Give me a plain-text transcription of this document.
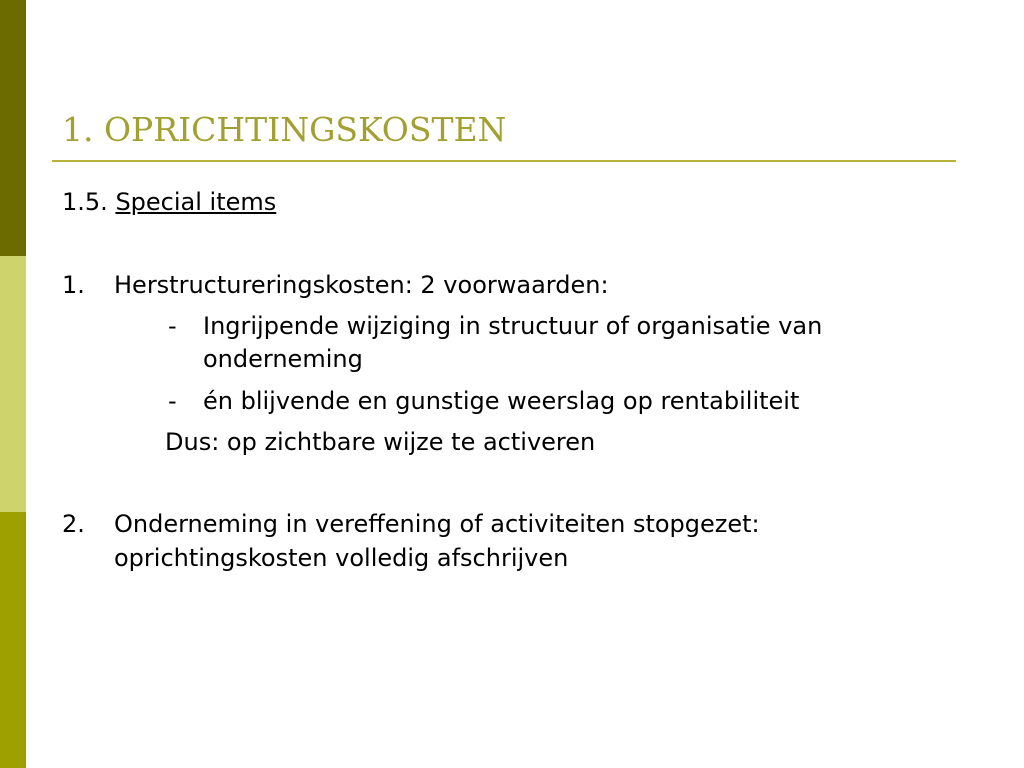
1. OPRICHTINGSKOSTEN
1.5. Special items
1. Herstructureringskosten: 2 voorwaarden:
- Ingrijpende wijziging in structuur of organisatie van
onderneming
- én blijvende en gunstige weerslag op rentabiliteit
Dus: op zichtbare wijze te activeren
2. Onderneming in vereffening of activiteiten stopgezet:
oprichtingskosten volledig afschrijven
